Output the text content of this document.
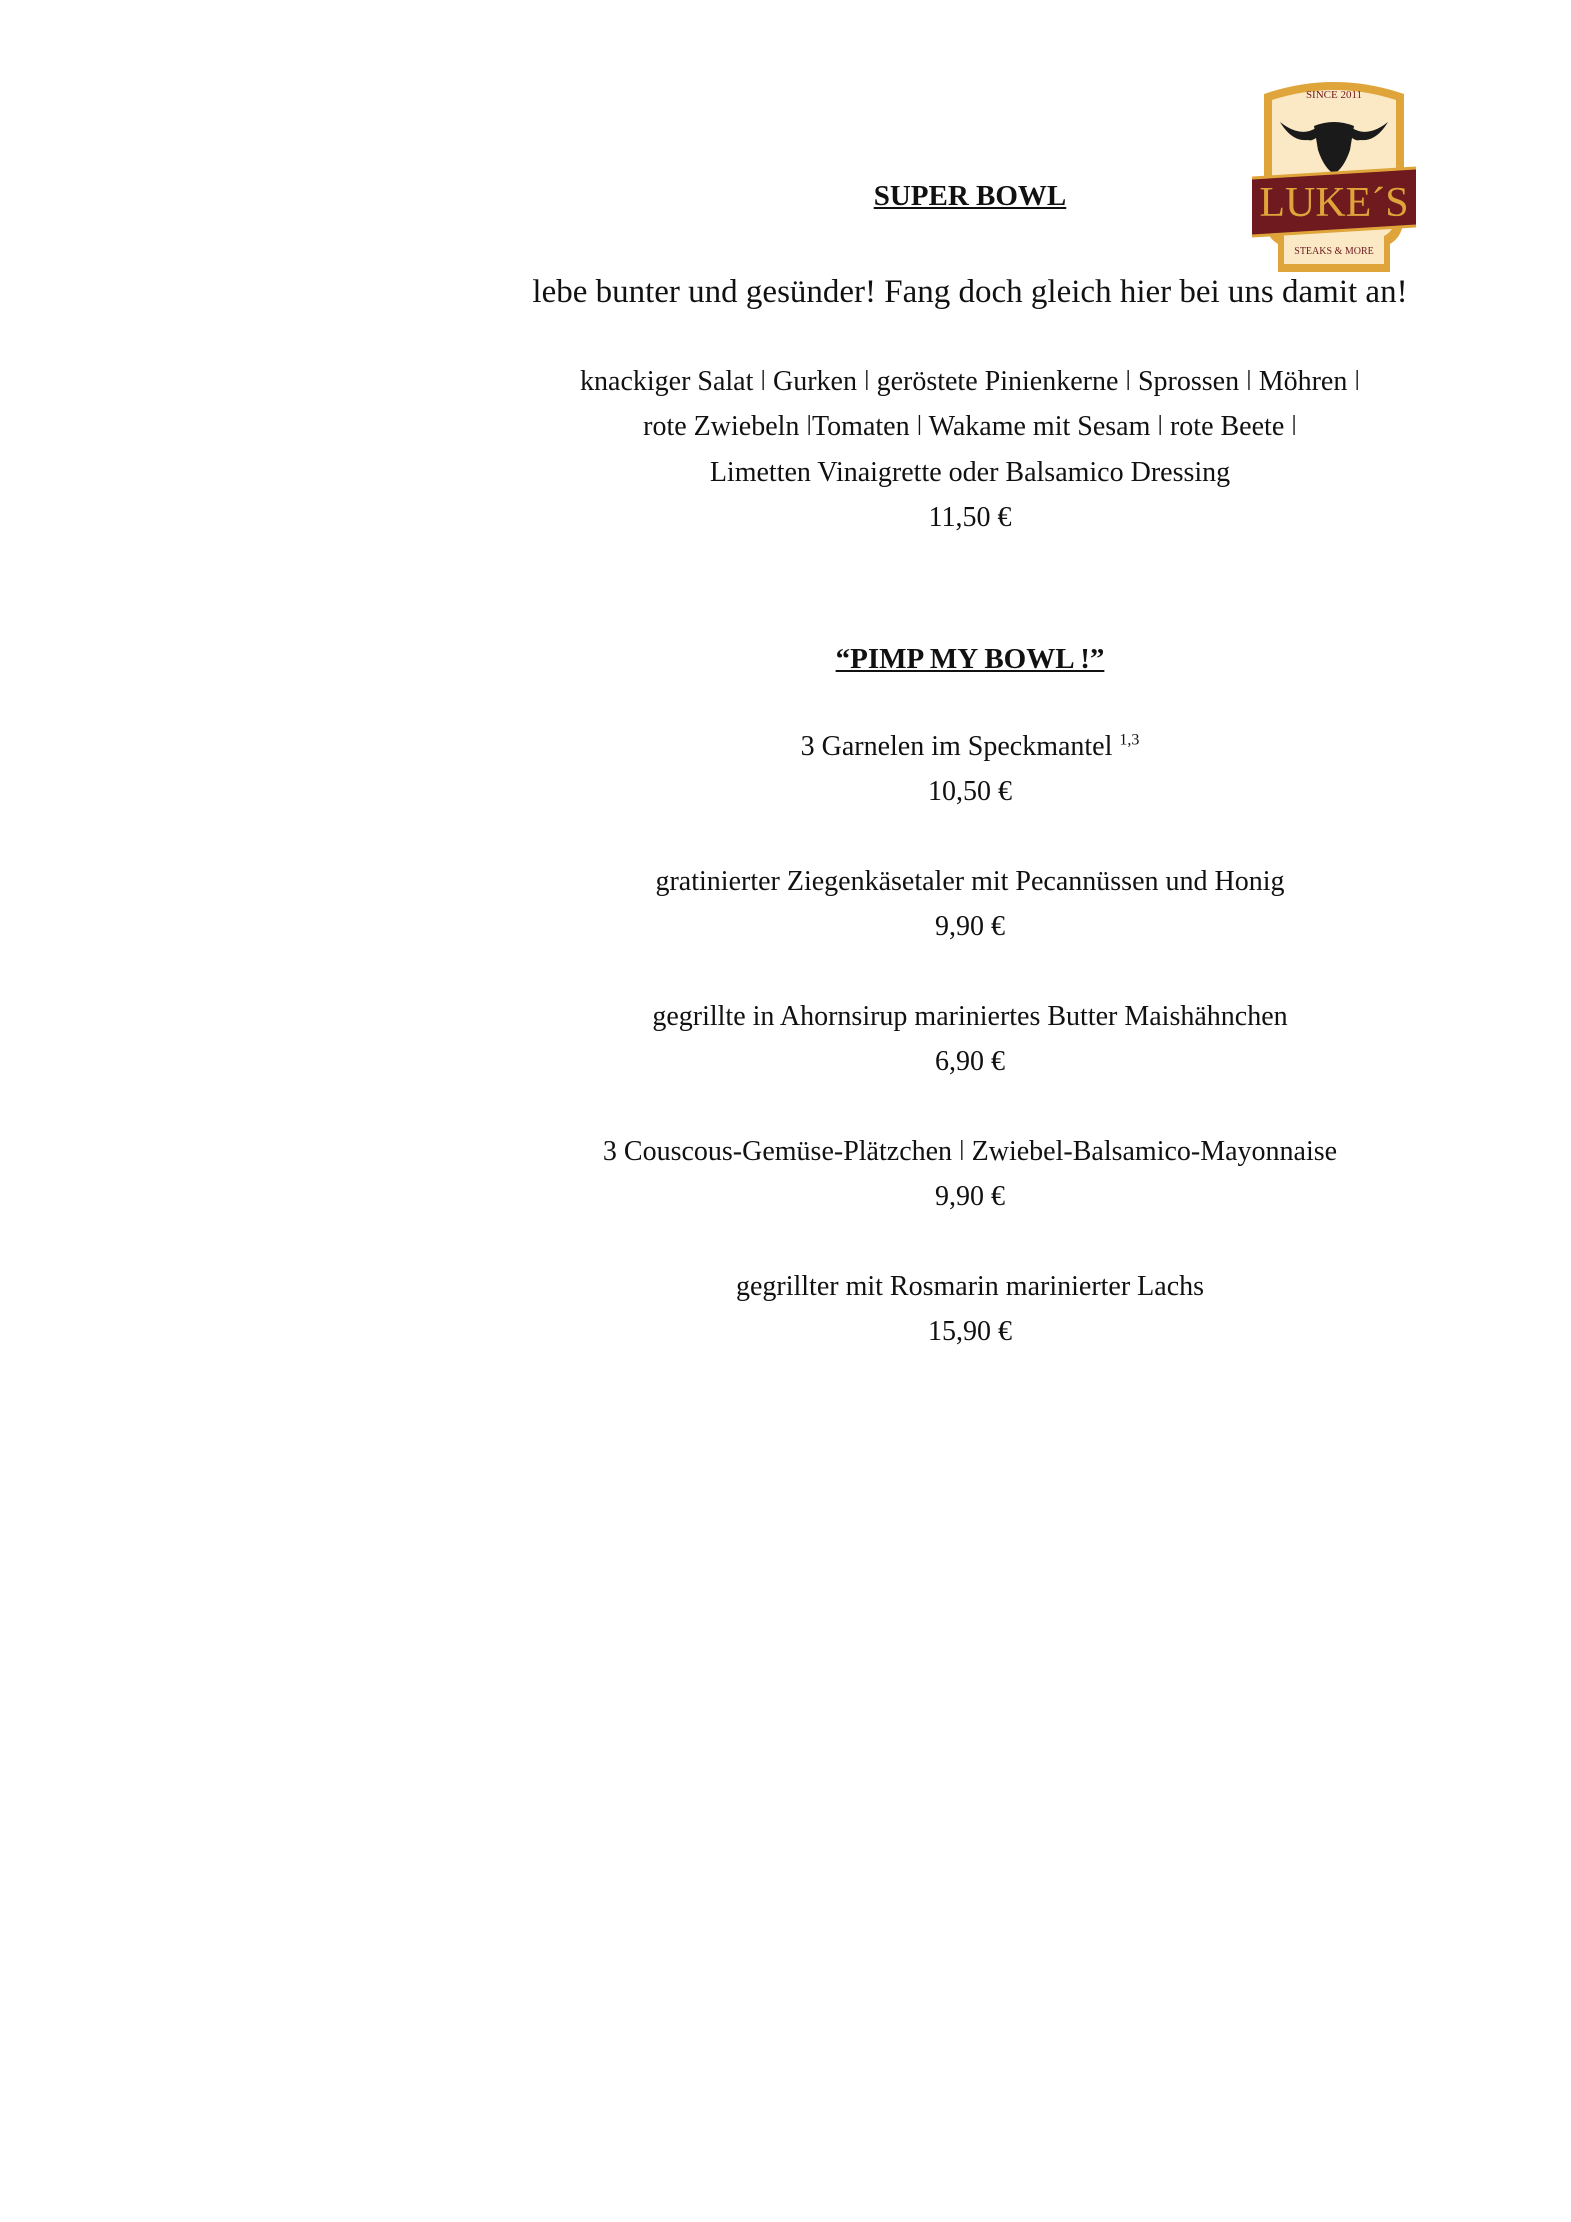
SINCE 2011
LUKE´S
STEAKS & MORE
SUPER BOWL
lebe bunter und gesünder! Fang doch gleich hier bei uns damit an!
knackiger Salat ǀ Gurken ǀ geröstete Pinienkerne ǀ Sprossen ǀ Möhren ǀ
rote Zwiebeln ǀTomaten ǀ Wakame mit Sesam ǀ rote Beete ǀ
Limetten Vinaigrette oder Balsamico Dressing
11,50 €
“PIMP MY BOWL !”
3 Garnelen im Speckmantel $^{1,3}$
10,50 €
gratinierter Ziegenkäsetaler mit Pecannüssen und Honig
9,90 €
gegrillte in Ahornsirup mariniertes Butter Maishähnchen
6,90 €
3 Couscous-Gemüse-Plätzchen ǀ Zwiebel-Balsamico-Mayonnaise
9,90 €
gegrillter mit Rosmarin marinierter Lachs
15,90 €
